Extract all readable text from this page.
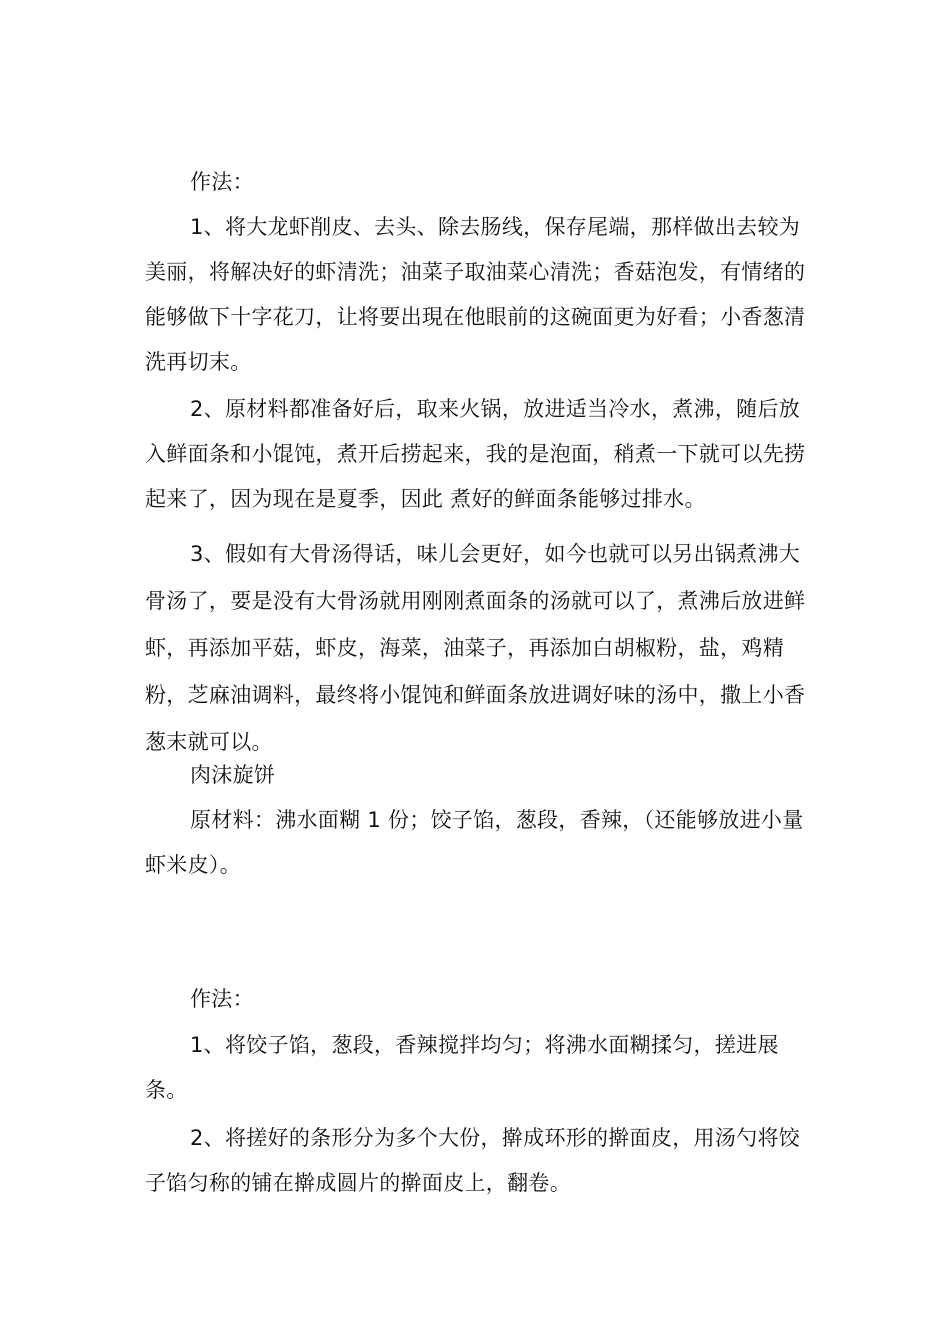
作法：

1、将大龙虾削皮、去头、除去肠线，保存尾端，那样做出去较为美丽，将解决好的虾清洗；油菜子取油菜心清洗；香菇泡发，有情绪的能够做下十字花刀，让将要出現在他眼前的这碗面更为好看；小香葱清洗再切末。

2、原材料都准备好后，取来火锅，放进适当冷水，煮沸，随后放入鲜面条和小馄饨，煮开后捞起来，我的是泡面，稍煮一下就可以先捞起来了，因为现在是夏季，因此 煮好的鲜面条能够过排水。

3、假如有大骨汤得话，味儿会更好，如今也就可以另出锅煮沸大骨汤了，要是没有大骨汤就用刚刚煮面条的汤就可以了，煮沸后放进鲜虾，再添加平菇，虾皮，海菜，油菜子，再添加白胡椒粉，盐，鸡精粉，芝麻油调料，最终将小馄饨和鲜面条放进调好味的汤中，撒上小香葱末就可以。

肉沫旋饼

原材料：沸水面糊 1 份；饺子馅，葱段，香辣，（还能够放进小量虾米皮）。

作法：

1、将饺子馅，葱段，香辣搅拌均匀；将沸水面糊揉匀，搓进展条。

2、将搓好的条形分为多个大份，擀成环形的擀面皮，用汤勺将饺子馅匀称的铺在擀成圆片的擀面皮上，翻卷。
